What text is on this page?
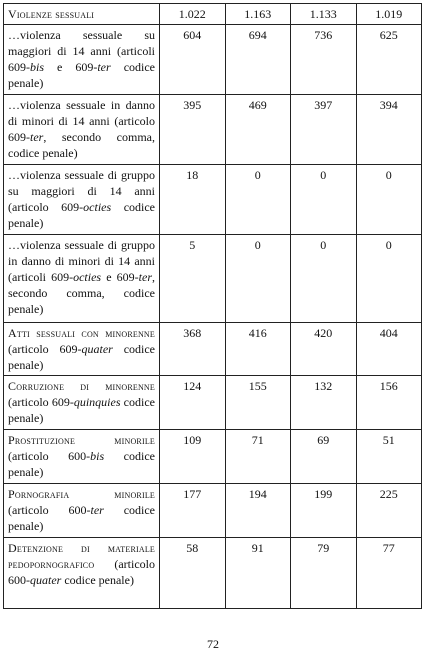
Violenze sessuali	1.022	1.163	1.133	1.019
…violenza sessuale su maggiori di 14 anni (articoli 609-bis e 609-ter codice penale)	604	694	736	625
…violenza sessuale in danno di minori di 14 anni (articolo 609-ter, secondo comma, codice penale)	395	469	397	394
…violenza sessuale di gruppo su maggiori di 14 anni (articolo 609-octies codice penale)	18	0	0	0
…violenza sessuale di gruppo in danno di minori di 14 anni (articoli 609-octies e 609-ter, secondo comma, codice penale)	5	0	0	0
Atti sessuali con minorenne (articolo 609-quater codice penale)	368	416	420	404
Corruzione di minorenne (articolo 609-quinquies codice penale)	124	155	132	156
Prostituzione minorile (articolo 600-bis codice penale)	109	71	69	51
Pornografia minorile (articolo 600-ter codice penale)	177	194	199	225
Detenzione di materiale pedopornografico (articolo 600-quater codice penale)	58	91	79	77
72
